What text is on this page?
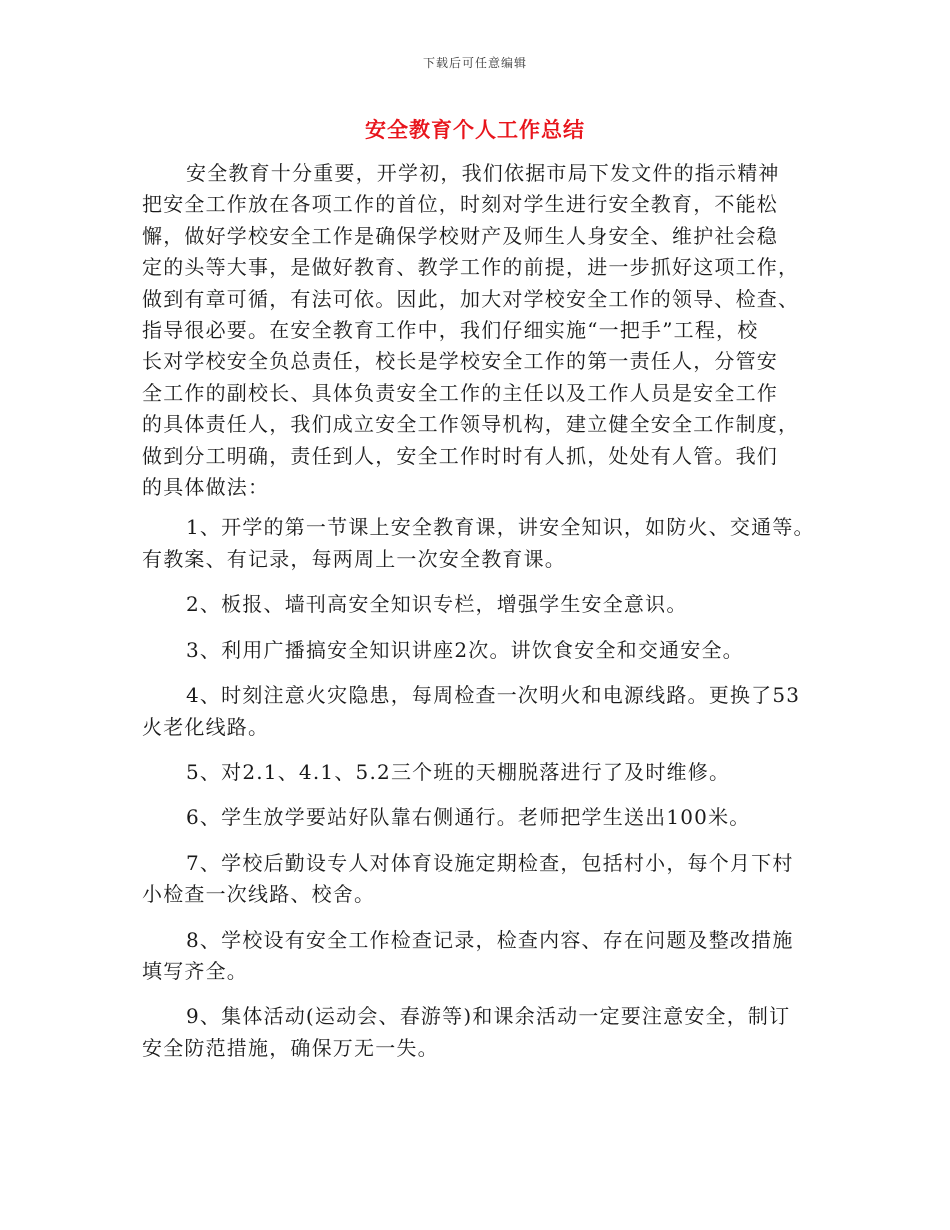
下载后可任意编辑
安全教育个人工作总结

安全教育十分重要，开学初，我们依据市局下发文件的指示精神
把安全工作放在各项工作的首位，时刻对学生进行安全教育，不能松
懈，做好学校安全工作是确保学校财产及师生人身安全、维护社会稳
定的头等大事，是做好教育、教学工作的前提，进一步抓好这项工作，
做到有章可循，有法可依。因此，加大对学校安全工作的领导、检查、
指导很必要。在安全教育工作中，我们仔细实施“一把手”工程，校
长对学校安全负总责任，校长是学校安全工作的第一责任人，分管安
全工作的副校长、具体负责安全工作的主任以及工作人员是安全工作
的具体责任人，我们成立安全工作领导机构，建立健全安全工作制度，
做到分工明确，责任到人，安全工作时时有人抓，处处有人管。我们
的具体做法：

1、开学的第一节课上安全教育课，讲安全知识，如防火、交通等。
有教案、有记录，每两周上一次安全教育课。

2、板报、墙刊高安全知识专栏，增强学生安全意识。

3、利用广播搞安全知识讲座2次。讲饮食安全和交通安全。

4、时刻注意火灾隐患，每周检查一次明火和电源线路。更换了53
火老化线路。

5、对2.1、4.1、5.2三个班的天棚脱落进行了及时维修。

6、学生放学要站好队靠右侧通行。老师把学生送出100米。

7、学校后勤设专人对体育设施定期检查，包括村小，每个月下村
小检查一次线路、校舍。

8、学校设有安全工作检查记录，检查内容、存在问题及整改措施
填写齐全。

9、集体活动(运动会、春游等)和课余活动一定要注意安全，制订
安全防范措施，确保万无一失。
